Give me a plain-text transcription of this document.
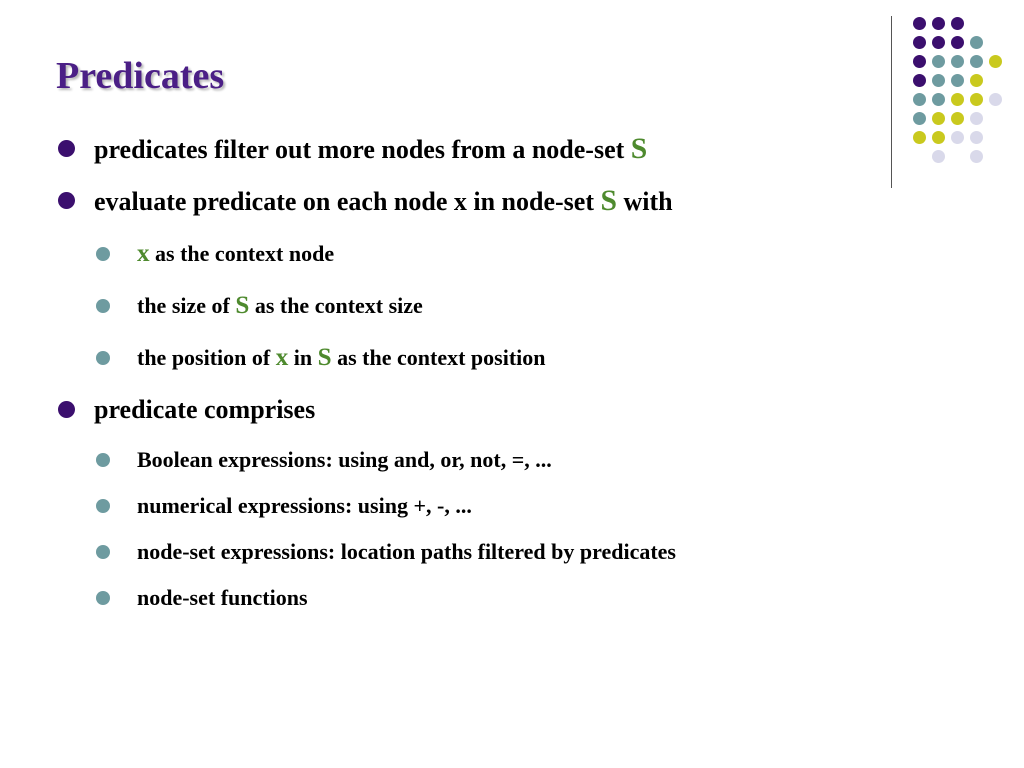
Predicates
predicates filter out more nodes from a node-set S
evaluate predicate on each node x in node-set S with
x as the context node
the size of S as the context size
the position of x in S as the context position
predicate comprises
Boolean expressions: using and, or, not, =, ...
numerical expressions: using +, -, ...
node-set expressions: location paths filtered by predicates
node-set functions
